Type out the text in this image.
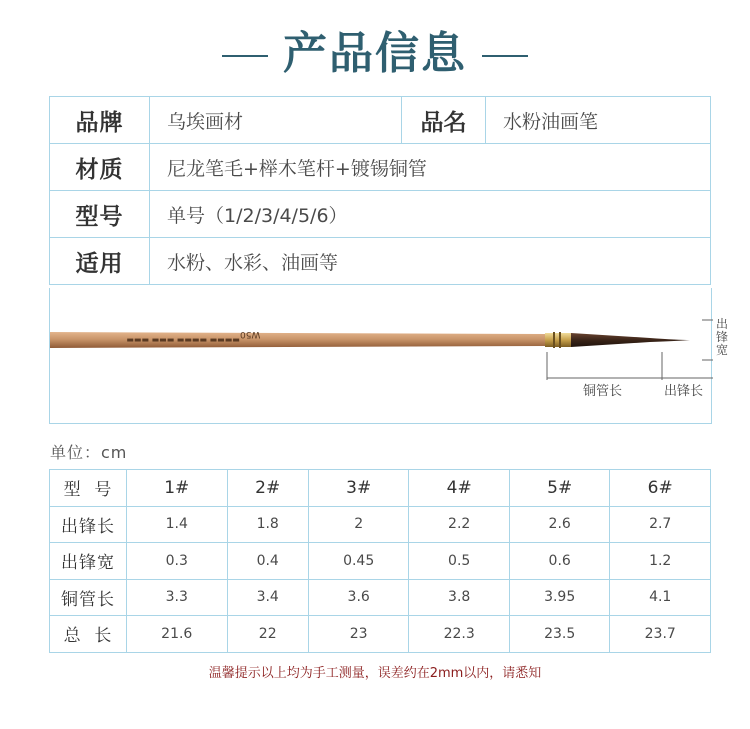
产品信息
品牌	乌埃画材	品名	水粉油画笔
材质	尼龙笔毛+榉木笔杆+镀锡铜管		
型号	单号（1/2/3/4/5/6）		
适用	水粉、水彩、油画等		
▬▬▬▬ ▬▬▬▬ ▬▬▬ ▬▬▬
W50
出锋宽
铜管长	出锋长
单位：cm
型  号	1#	2#	3#	4#	5#	6#
出锋长	1.4	1.8	2	2.2	2.6	2.7
出锋宽	0.3	0.4	0.45	0.5	0.6	1.2
铜管长	3.3	3.4	3.6	3.8	3.95	4.1
总  长	21.6	22	23	22.3	23.5	23.7
温馨提示以上均为手工测量，误差约在2mm以内，请悉知
